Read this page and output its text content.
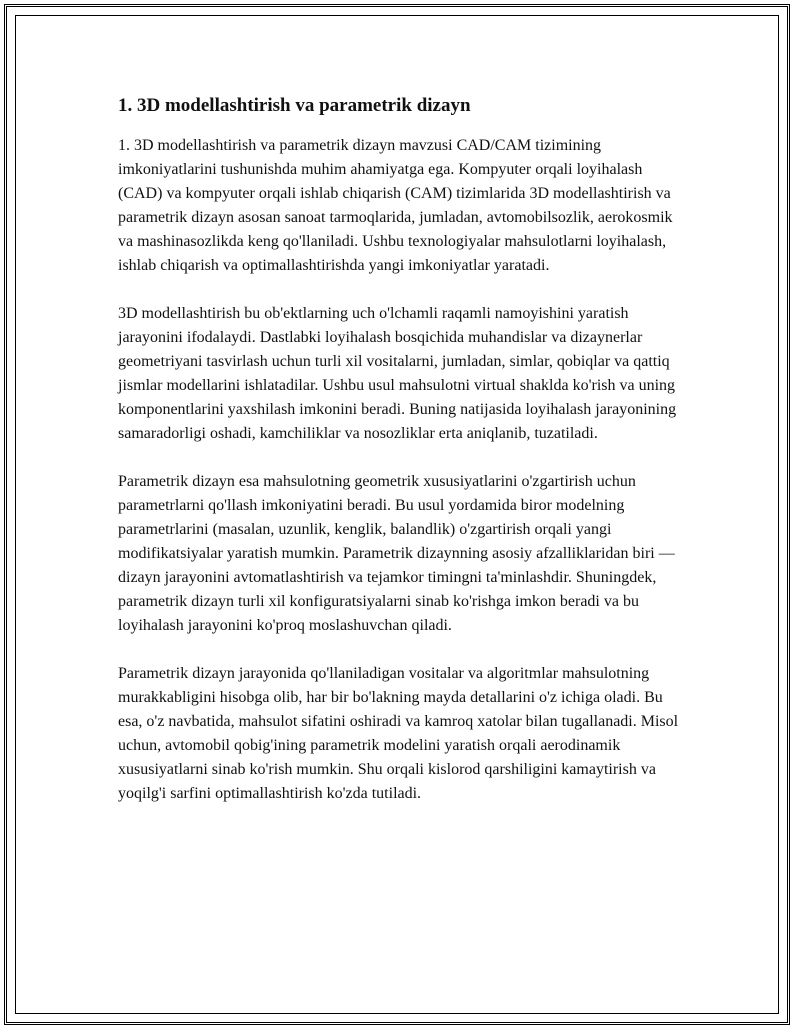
1. 3D modellashtirish va parametrik dizayn

1. 3D modellashtirish va parametrik dizayn mavzusi CAD/CAM tizimining imkoniyatlarini tushunishda muhim ahamiyatga ega. Kompyuter orqali loyihalash (CAD) va kompyuter orqali ishlab chiqarish (CAM) tizimlarida 3D modellashtirish va parametrik dizayn asosan sanoat tarmoqlarida, jumladan, avtomobilsozlik, aerokosmik va mashinasozlikda keng qo'llaniladi. Ushbu texnologiyalar mahsulotlarni loyihalash, ishlab chiqarish va optimallashtirishda yangi imkoniyatlar yaratadi.

3D modellashtirish bu ob'ektlarning uch o'lchamli raqamli namoyishini yaratish jarayonini ifodalaydi. Dastlabki loyihalash bosqichida muhandislar va dizaynerlar geometriyani tasvirlash uchun turli xil vositalarni, jumladan, simlar, qobiqlar va qattiq jismlar modellarini ishlatadilar. Ushbu usul mahsulotni virtual shaklda ko'rish va uning komponentlarini yaxshilash imkonini beradi. Buning natijasida loyihalash jarayonining samaradorligi oshadi, kamchiliklar va nosozliklar erta aniqlanib, tuzatiladi.

Parametrik dizayn esa mahsulotning geometrik xususiyatlarini o'zgartirish uchun parametrlarni qo'llash imkoniyatini beradi. Bu usul yordamida biror modelning parametrlarini (masalan, uzunlik, kenglik, balandlik) o'zgartirish orqali yangi modifikatsiyalar yaratish mumkin. Parametrik dizaynning asosiy afzalliklaridan biri — dizayn jarayonini avtomatlashtirish va tejamkor timingni ta'minlashdir. Shuningdek, parametrik dizayn turli xil konfiguratsiyalarni sinab ko'rishga imkon beradi va bu loyihalash jarayonini ko'proq moslashuvchan qiladi.

Parametrik dizayn jarayonida qo'llaniladigan vositalar va algoritmlar mahsulotning murakkabligini hisobga olib, har bir bo'lakning mayda detallarini o'z ichiga oladi. Bu esa, o'z navbatida, mahsulot sifatini oshiradi va kamroq xatolar bilan tugallanadi. Misol uchun, avtomobil qobig'ining parametrik modelini yaratish orqali aerodinamik xususiyatlarni sinab ko'rish mumkin. Shu orqali kislorod qarshiligini kamaytirish va yoqilg'i sarfini optimallashtirish ko'zda tutiladi.
